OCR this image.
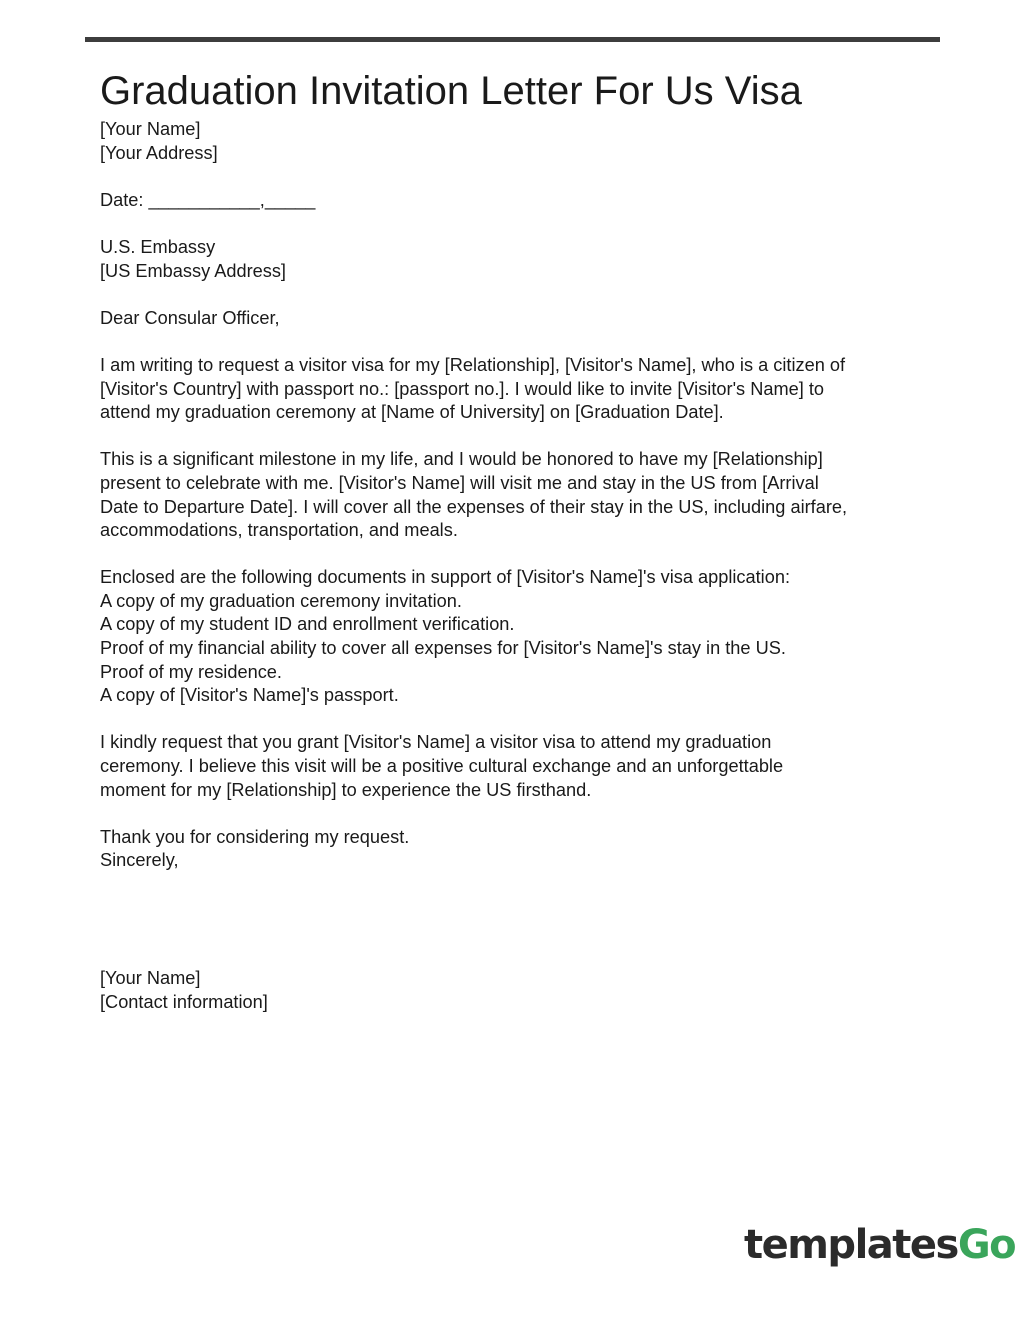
Graduation Invitation Letter For Us Visa
[Your Name]
[Your Address]
Date: ___________,_____
U.S. Embassy
[US Embassy Address]
Dear Consular Officer,
I am writing to request a visitor visa for my [Relationship], [Visitor's Name], who is a citizen of
[Visitor's Country] with passport no.: [passport no.]. I would like to invite [Visitor's Name] to
attend my graduation ceremony at [Name of University] on [Graduation Date].
This is a significant milestone in my life, and I would be honored to have my [Relationship]
present to celebrate with me. [Visitor's Name] will visit me and stay in the US from [Arrival
Date to Departure Date]. I will cover all the expenses of their stay in the US, including airfare,
accommodations, transportation, and meals.
Enclosed are the following documents in support of [Visitor's Name]'s visa application:
A copy of my graduation ceremony invitation.
A copy of my student ID and enrollment verification.
Proof of my financial ability to cover all expenses for [Visitor's Name]'s stay in the US.
Proof of my residence.
A copy of [Visitor's Name]'s passport.
I kindly request that you grant [Visitor's Name] a visitor visa to attend my graduation
ceremony. I believe this visit will be a positive cultural exchange and an unforgettable
moment for my [Relationship] to experience the US firsthand.
Thank you for considering my request.
Sincerely,
[Your Name]
[Contact information]
templatesGo
